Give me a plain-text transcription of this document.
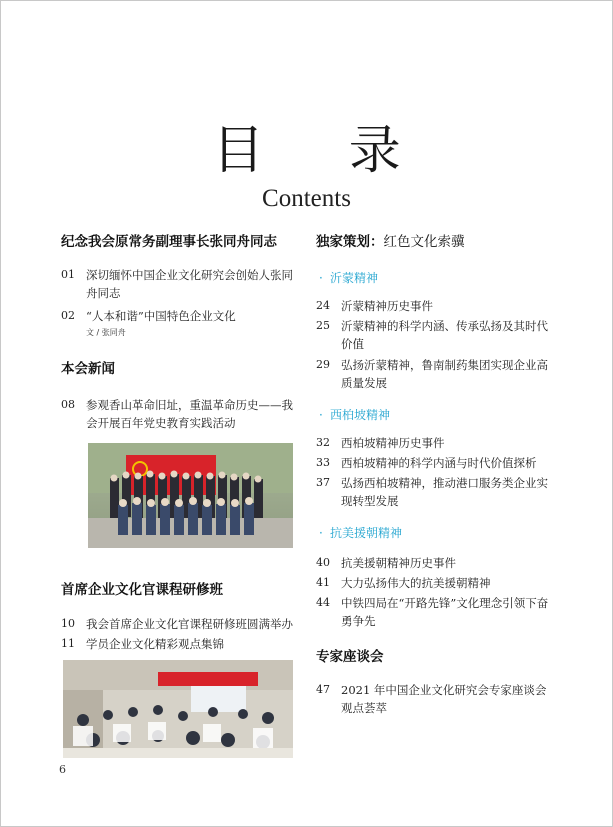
目 录
Contents
纪念我会原常务副理事长张同舟同志
01 深切缅怀中国企业文化研究会创始人张同舟同志
02 “人本和谐”中国特色企业文化
文 / 张同舟
本会新闻
08 参观香山革命旧址，重温革命历史——我会开展百年党史教育实践活动
首席企业文化官课程研修班
10 我会首席企业文化官课程研修班圆满举办
11 学员企业文化精彩观点集锦
6
独家策划：红色文化索骥
· 沂蒙精神
24 沂蒙精神历史事件
25 沂蒙精神的科学内涵、传承弘扬及其时代价值
29 弘扬沂蒙精神，鲁南制药集团实现企业高质量发展
· 西柏坡精神
32 西柏坡精神历史事件
33 西柏坡精神的科学内涵与时代价值探析
37 弘扬西柏坡精神，推动港口服务类企业实现转型发展
· 抗美援朝精神
40 抗美援朝精神历史事件
41 大力弘扬伟大的抗美援朝精神
44 中铁四局在“开路先锋”文化理念引领下奋勇争先
专家座谈会
47 2021 年中国企业文化研究会专家座谈会观点荟萃
